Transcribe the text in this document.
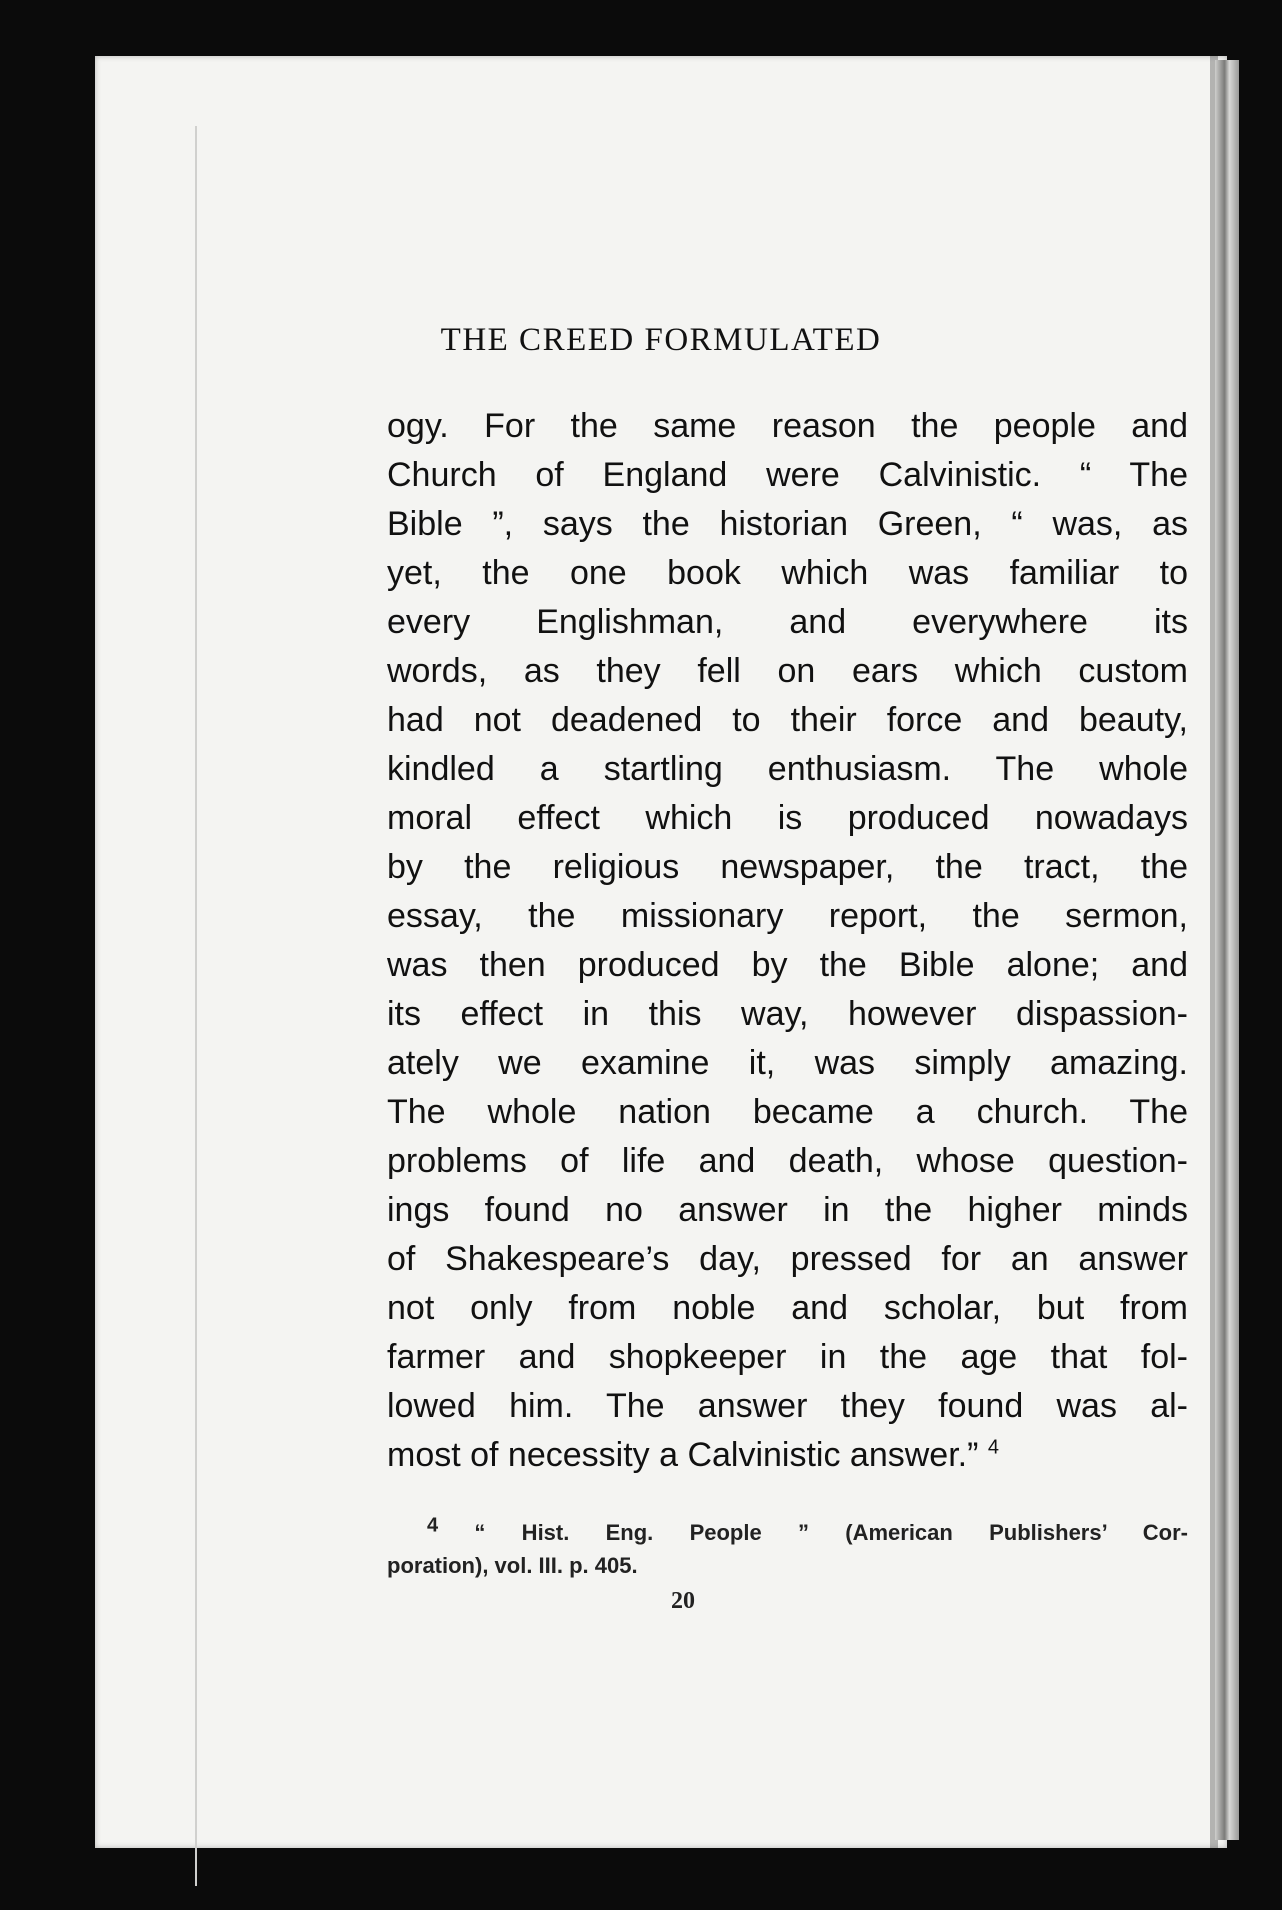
THE CREED FORMULATED
ogy. For the same reason the people and
Church of England were Calvinistic. “ The
Bible ”, says the historian Green, “ was, as
yet, the one book which was familiar to
every Englishman, and everywhere its
words, as they fell on ears which custom
had not deadened to their force and beauty,
kindled a startling enthusiasm. The whole
moral effect which is produced nowadays
by the religious newspaper, the tract, the
essay, the missionary report, the sermon,
was then produced by the Bible alone; and
its effect in this way, however dispassion-
ately we examine it, was simply amazing.
The whole nation became a church. The
problems of life and death, whose question-
ings found no answer in the higher minds
of Shakespeare’s day, pressed for an answer
not only from noble and scholar, but from
farmer and shopkeeper in the age that fol-
lowed him. The answer they found was al-
most of necessity a Calvinistic answer.” $^4$
4 “ Hist. Eng. People ” (American Publishers’ Cor-
poration), vol. III. p. 405.
20
